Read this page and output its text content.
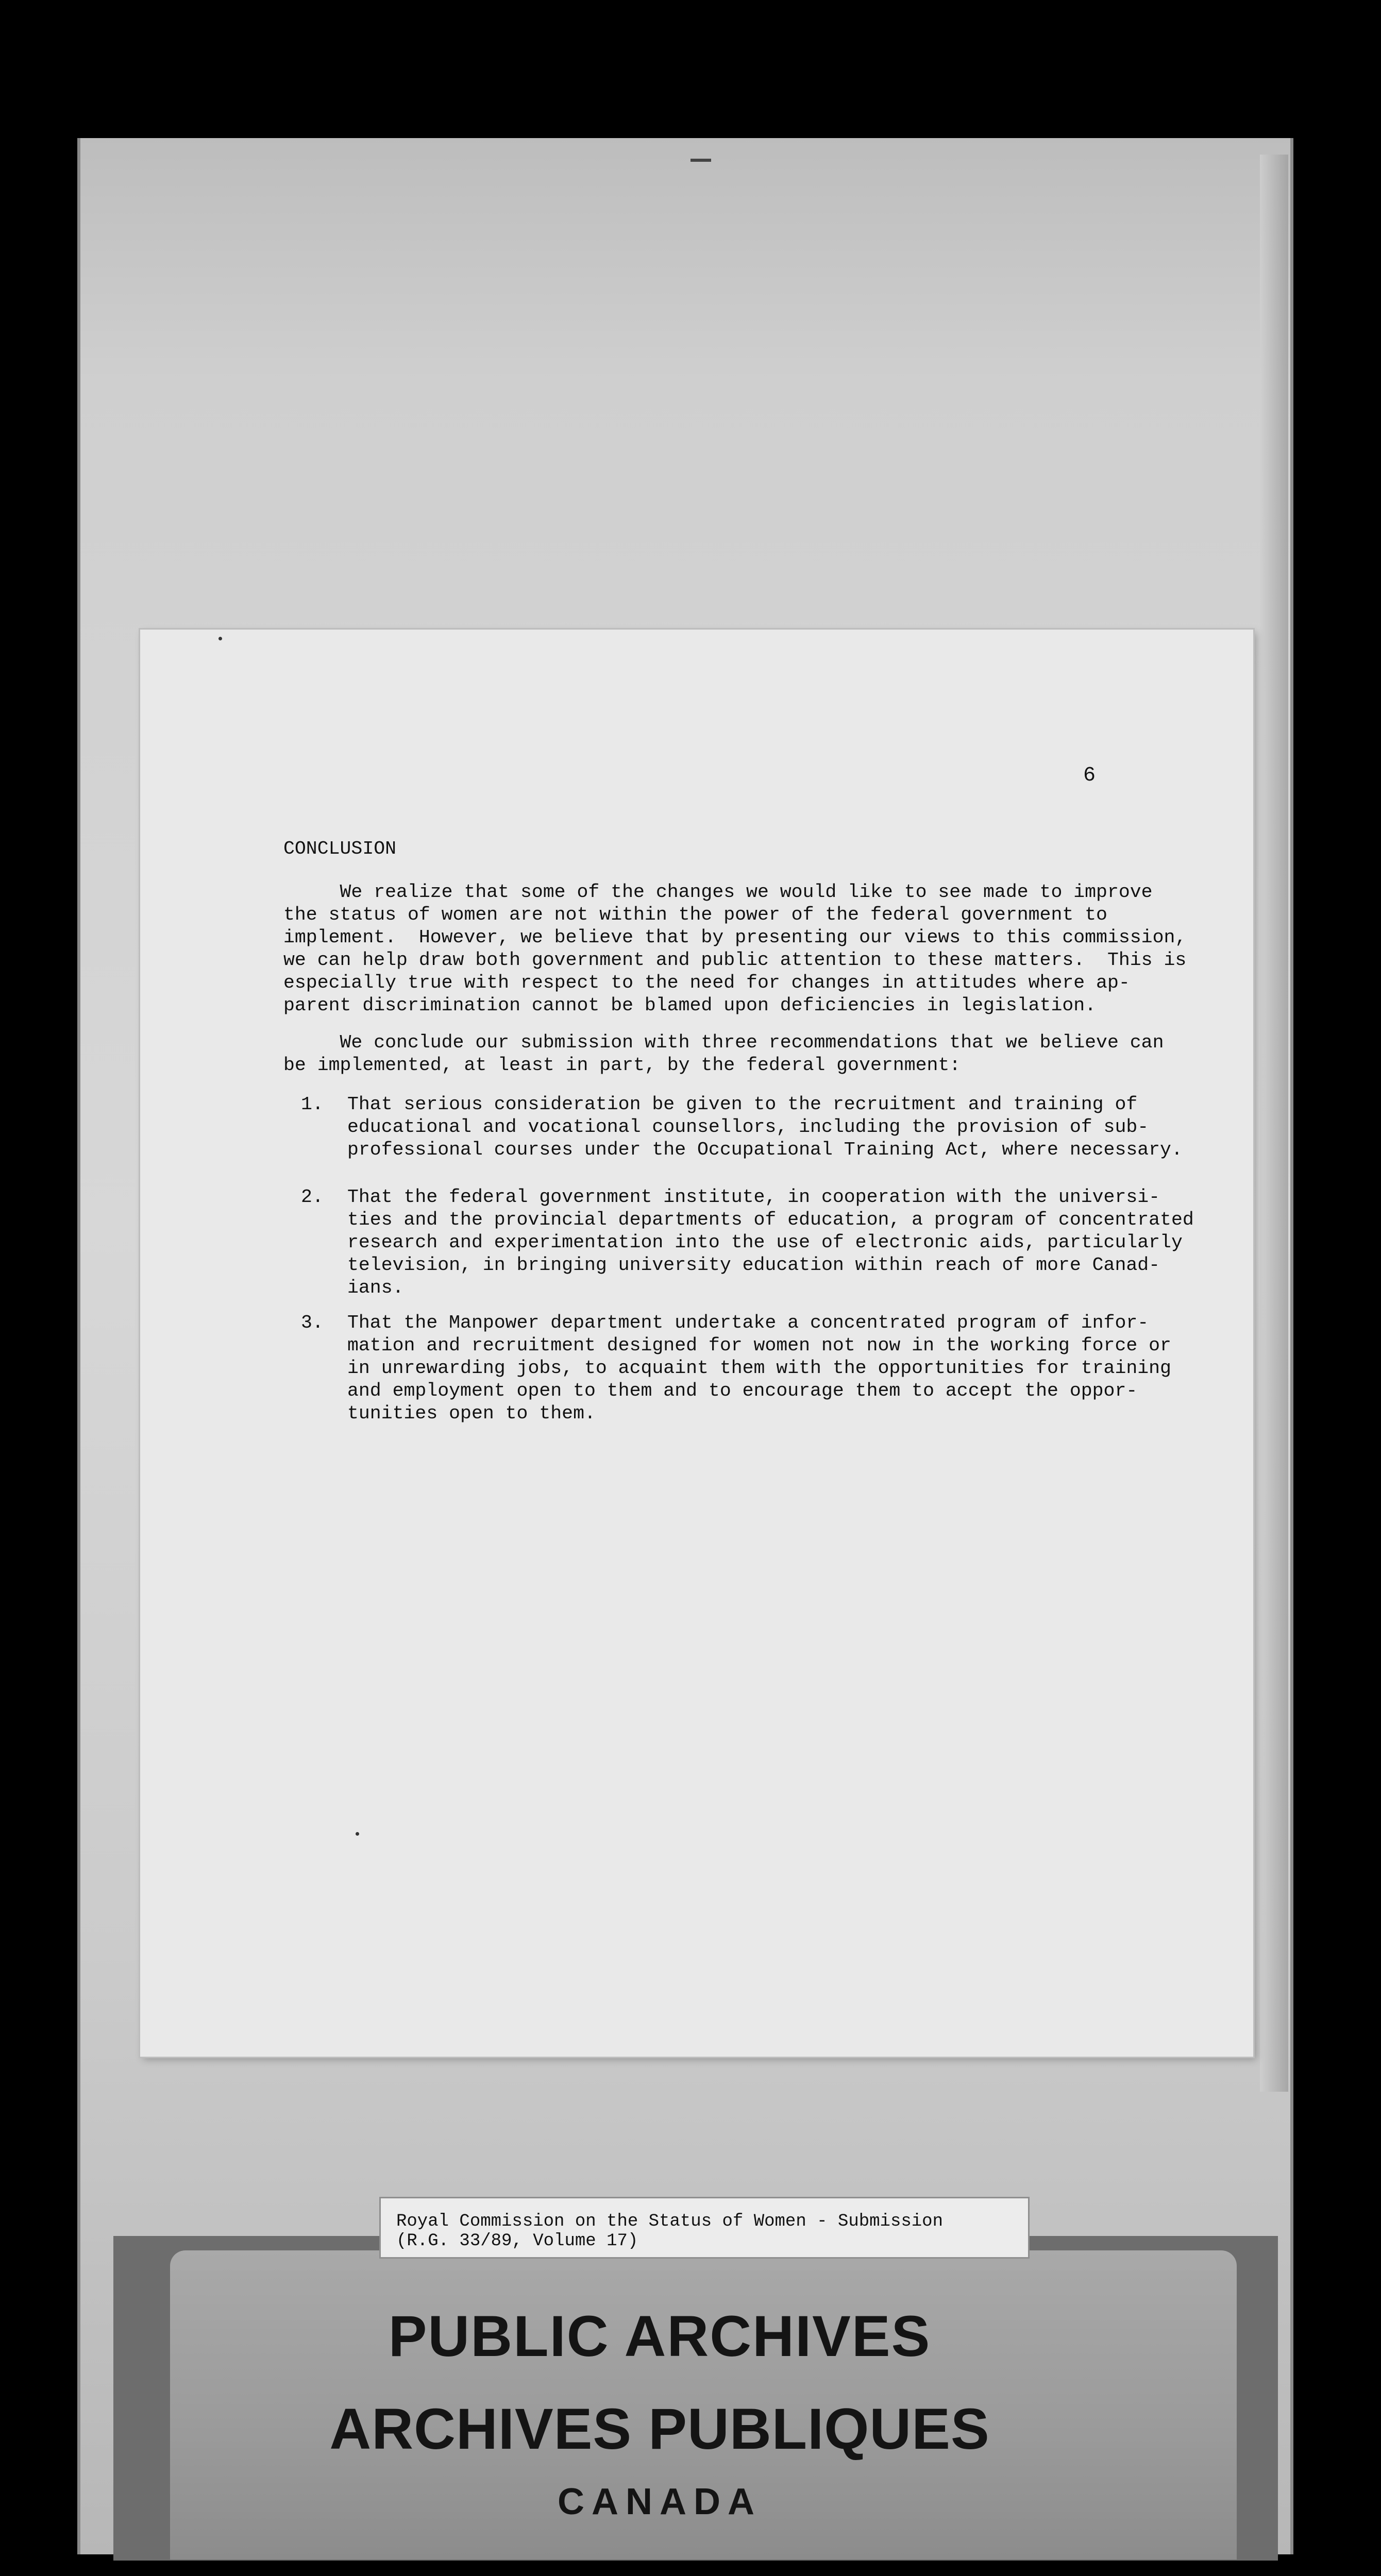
6

CONCLUSION

We realize that some of the changes we would like to see made to improve
the status of women are not within the power of the federal government to
implement.  However, we believe that by presenting our views to this commission,
we can help draw both government and public attention to these matters.  This is
especially true with respect to the need for changes in attitudes where ap-
parent discrimination cannot be blamed upon deficiencies in legislation.

We conclude our submission with three recommendations that we believe can
be implemented, at least in part, by the federal government:

1. That serious consideration be given to the recruitment and training of
educational and vocational counsellors, including the provision of sub-
professional courses under the Occupational Training Act, where necessary.

2. That the federal government institute, in cooperation with the universi-
ties and the provincial departments of education, a program of concentrated
research and experimentation into the use of electronic aids, particularly
television, in bringing university education within reach of more Canad-
ians.

3. That the Manpower department undertake a concentrated program of infor-
mation and recruitment designed for women not now in the working force or
in unrewarding jobs, to acquaint them with the opportunities for training
and employment open to them and to encourage them to accept the oppor-
tunities open to them.

Royal Commission on the Status of Women - Submission
(R.G. 33/89, Volume 17)

PUBLIC ARCHIVES

ARCHIVES PUBLIQUES

CANADA
